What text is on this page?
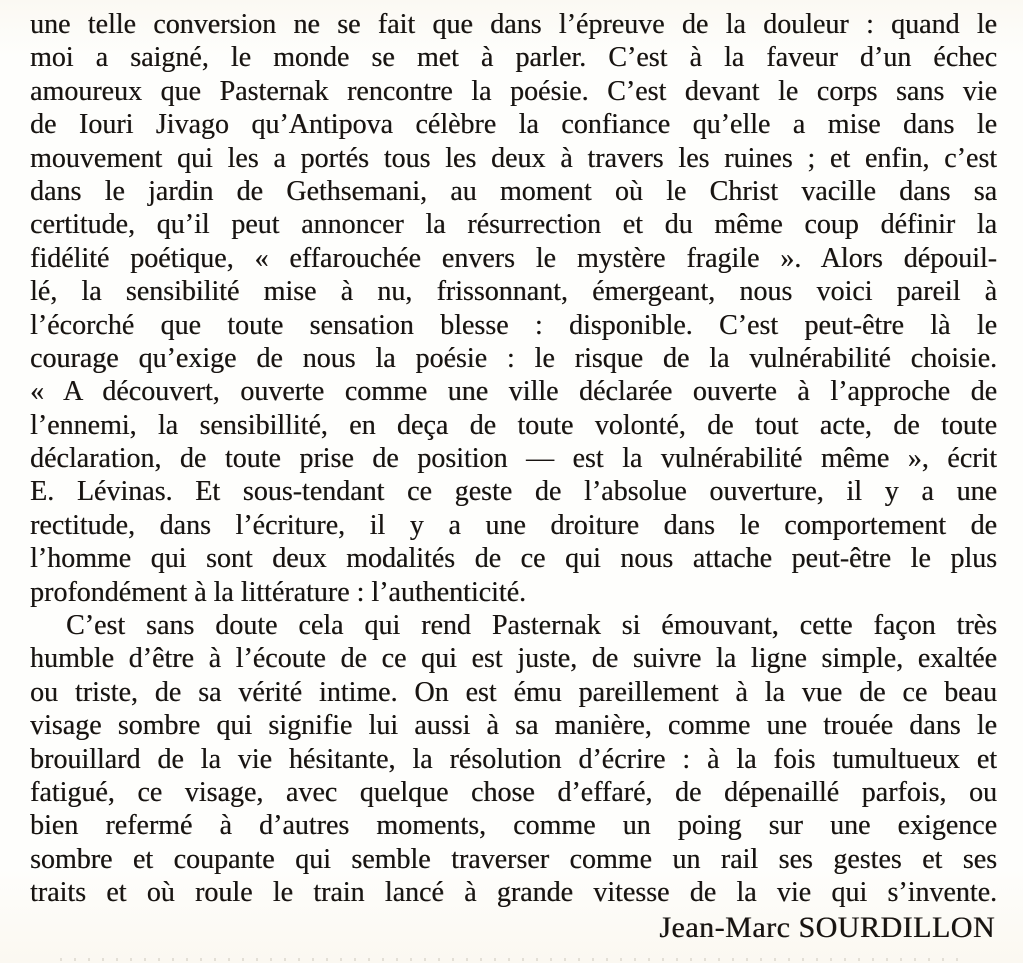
une telle conversion ne se fait que dans l’épreuve de la douleur : quand le
moi a saigné, le monde se met à parler. C’est à la faveur d’un échec
amoureux que Pasternak rencontre la poésie. C’est devant le corps sans vie
de Iouri Jivago qu’Antipova célèbre la confiance qu’elle a mise dans le
mouvement qui les a portés tous les deux à travers les ruines ; et enfin, c’est
dans le jardin de Gethsemani, au moment où le Christ vacille dans sa
certitude, qu’il peut annoncer la résurrection et du même coup définir la
fidélité poétique, « effarouchée envers le mystère fragile ». Alors dépouil-
lé, la sensibilité mise à nu, frissonnant, émergeant, nous voici pareil à
l’écorché que toute sensation blesse : disponible. C’est peut-être là le
courage qu’exige de nous la poésie : le risque de la vulnérabilité choisie.
« A découvert, ouverte comme une ville déclarée ouverte à l’approche de
l’ennemi, la sensibillité, en deça de toute volonté, de tout acte, de toute
déclaration, de toute prise de position — est la vulnérabilité même », écrit
E. Lévinas. Et sous-tendant ce geste de l’absolue ouverture, il y a une
rectitude, dans l’écriture, il y a une droiture dans le comportement de
l’homme qui sont deux modalités de ce qui nous attache peut-être le plus
profondément à la littérature : l’authenticité.
C’est sans doute cela qui rend Pasternak si émouvant, cette façon très
humble d’être à l’écoute de ce qui est juste, de suivre la ligne simple, exaltée
ou triste, de sa vérité intime. On est ému pareillement à la vue de ce beau
visage sombre qui signifie lui aussi à sa manière, comme une trouée dans le
brouillard de la vie hésitante, la résolution d’écrire : à la fois tumultueux et
fatigué, ce visage, avec quelque chose d’effaré, de dépenaillé parfois, ou
bien refermé à d’autres moments, comme un poing sur une exigence
sombre et coupante qui semble traverser comme un rail ses gestes et ses
traits et où roule le train lancé à grande vitesse de la vie qui s’invente.
Jean-Marc SOURDILLON
